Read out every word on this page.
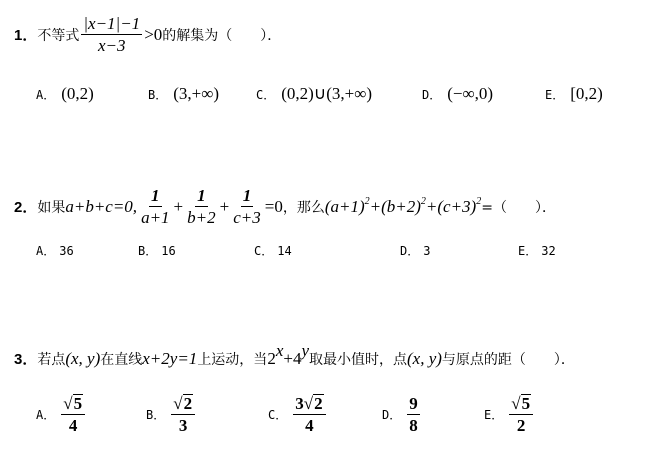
1． 不等式 $\frac{|x-1|-1}{x-3} >0$ 的解集为（　　）．
A． (0,2)	B． (3,+∞)	C． (0,2)∪(3,+∞)	D． (−∞,0)	E． [0,2)
2． 如果 a+b+c=0, $\frac{1}{a+1} + \frac{1}{b+2} + \frac{1}{c+3} =0$ ，那么 $(a+1)^2 +(b+2)^2 +(c+3)^2$ =（　　）．
A． 36	B． 16	C． 14	D． 3	E． 32
3． 若点 (x, y) 在直线 x+2y=1 上运动，当 $2^x+4^y$ 取最小值时，点 (x, y) 与原点的距（　　）．
A． $\frac{√ 5}{4}$	B． $\frac{√ 2}{3}$	C． $\frac{3 √ 2}{4}$	D． $\frac{9}{8}$	E． $\frac{√ 5}{2}$
